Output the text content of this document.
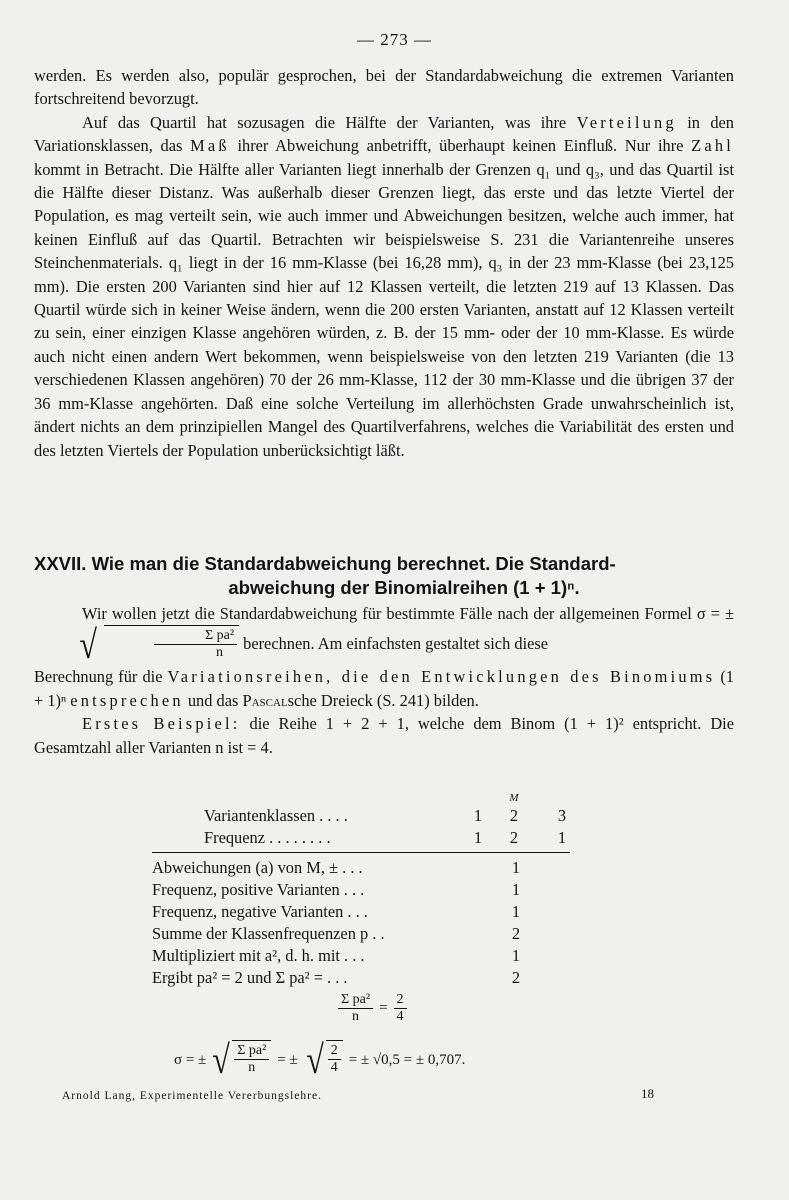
— 273 —

werden. Es werden also, populär gesprochen, bei der Standardabweichung die extremen Varianten fortschreitend bevorzugt.

Auf das Quartil hat sozusagen die Hälfte der Varianten, was ihre Verteilung in den Variationsklassen, das Maß ihrer Abweichung anbetrifft, überhaupt keinen Einfluß. Nur ihre Zahl kommt in Betracht. Die Hälfte aller Varianten liegt innerhalb der Grenzen q₁ und q₃, und das Quartil ist die Hälfte dieser Distanz. Was außerhalb dieser Grenzen liegt, das erste und das letzte Viertel der Population, es mag verteilt sein, wie auch immer und Abweichungen besitzen, welche auch immer, hat keinen Einfluß auf das Quartil. Betrachten wir beispielsweise S. 231 die Variantenreihe unseres Steinchenmaterials. q₁ liegt in der 16 mm-Klasse (bei 16,28 mm), q₃ in der 23 mm-Klasse (bei 23,125 mm). Die ersten 200 Varianten sind hier auf 12 Klassen verteilt, die letzten 219 auf 13 Klassen. Das Quartil würde sich in keiner Weise ändern, wenn die 200 ersten Varianten, anstatt auf 12 Klassen verteilt zu sein, einer einzigen Klasse angehören würden, z. B. der 15 mm- oder der 10 mm-Klasse. Es würde auch nicht einen andern Wert bekommen, wenn beispielsweise von den letzten 219 Varianten (die 13 verschiedenen Klassen angehören) 70 der 26 mm-Klasse, 112 der 30 mm-Klasse und die übrigen 37 der 36 mm-Klasse angehörten. Daß eine solche Verteilung im allerhöchsten Grade unwahrscheinlich ist, ändert nichts an dem prinzipiellen Mangel des Quartilverfahrens, welches die Variabilität des ersten und des letzten Viertels der Population unberücksichtigt läßt.

XXVII. Wie man die Standardabweichung berechnet. Die Standard-
abweichung der Binomialreihen (1 + 1)ⁿ.

Wir wollen jetzt die Standardabweichung für bestimmte Fälle nach der allgemeinen Formel σ = ±
√	$\frac{\text{Σ pa²}}{n}$ berechnen. Am einfachsten gestaltet sich diese

Berechnung für die Variationsreihen, die den Entwicklungen des Binomiums (1 + 1)ⁿ entsprechen und das Pascalsche Dreieck (S. 241) bilden.

Erstes Beispiel: die Reihe 1 + 2 + 1, welche dem Binom (1 + 1)² entspricht. Die Gesamtzahl aller Varianten n ist = 4.

M
Variantenklassen . . . .	1	2	3
Frequenz . . . . . . . .	1	2	1
Abweichungen (a) von M, ± . . .	1
Frequenz, positive Varianten . . .	1
Frequenz, negative Varianten . . .	1
Summe der Klassenfrequenzen p . .	2
Multipliziert mit a², d. h. mit . . .	1
Ergibt pa² = 2 und Σ pa² = . . .	2
$\frac{\text{Σ pa²}}{n} = \frac{2}{4}$
σ = ± √ $\frac{\text{Σ pa²}}{n}$ = ± √ $\frac{2}{4}$ = ± √0,5 = ± 0,707.
Arnold Lang, Experimentelle Vererbungslehre.	18
